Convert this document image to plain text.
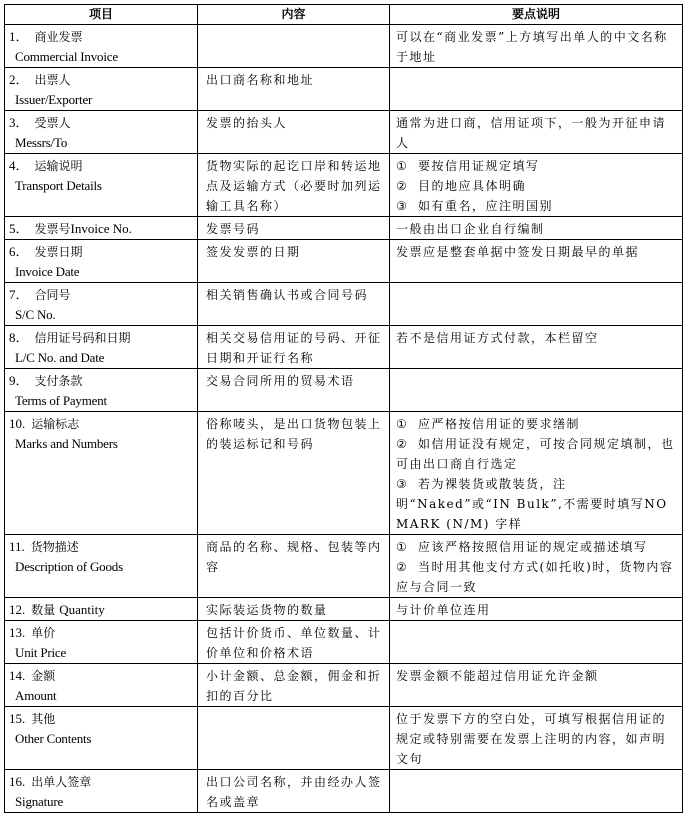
项目	内容	要点说明

1． 商业发票
Commercial Invoice		可以在“商业发票”上方填写出单人的中文名称于地址

2． 出票人
Issuer/Exporter	出口商名称和地址	

3． 受票人
Messrs/To	发票的抬头人	通常为进口商，信用证项下，一般为开征申请人

4． 运输说明
Transport Details	货物实际的起讫口岸和转运地点及运输方式（必要时加列运输工具名称）	① 要按信用证规定填写
② 目的地应具体明确
③ 如有重名，应注明国别

5． 发票号Invoice No.	发票号码	一般由出口企业自行编制

6． 发票日期
Invoice Date	签发发票的日期	发票应是整套单据中签发日期最早的单据

7． 合同号
S/C No.	相关销售确认书或合同号码	

8． 信用证号码和日期
L/C No. and Date	相关交易信用证的号码、开征日期和开证行名称	若不是信用证方式付款，本栏留空

9． 支付条款
Terms of Payment	交易合同所用的贸易术语	

10. 运输标志
Marks and Numbers	俗称唛头，是出口货物包装上的装运标记和号码	① 应严格按信用证的要求缮制
② 如信用证没有规定，可按合同规定填制，也可由出口商自行选定
③ 若为裸装货或散装货，注明“Naked”或“IN Bulk”,不需要时填写NO MARK (N/M) 字样

11. 货物描述
Description of Goods	商品的名称、规格、包装等内容	① 应该严格按照信用证的规定或描述填写
② 当时用其他支付方式(如托收)时，货物内容应与合同一致

12. 数量 Quantity	实际装运货物的数量	与计价单位连用

13. 单价
Unit Price	包括计价货币、单位数量、计价单位和价格术语	

14. 金额
Amount	小计金额、总金额，佣金和折扣的百分比	发票金额不能超过信用证允许金额

15. 其他
Other Contents		位于发票下方的空白处，可填写根据信用证的规定或特别需要在发票上注明的内容，如声明文句

16. 出单人签章
Signature	出口公司名称，并由经办人签名或盖章	
